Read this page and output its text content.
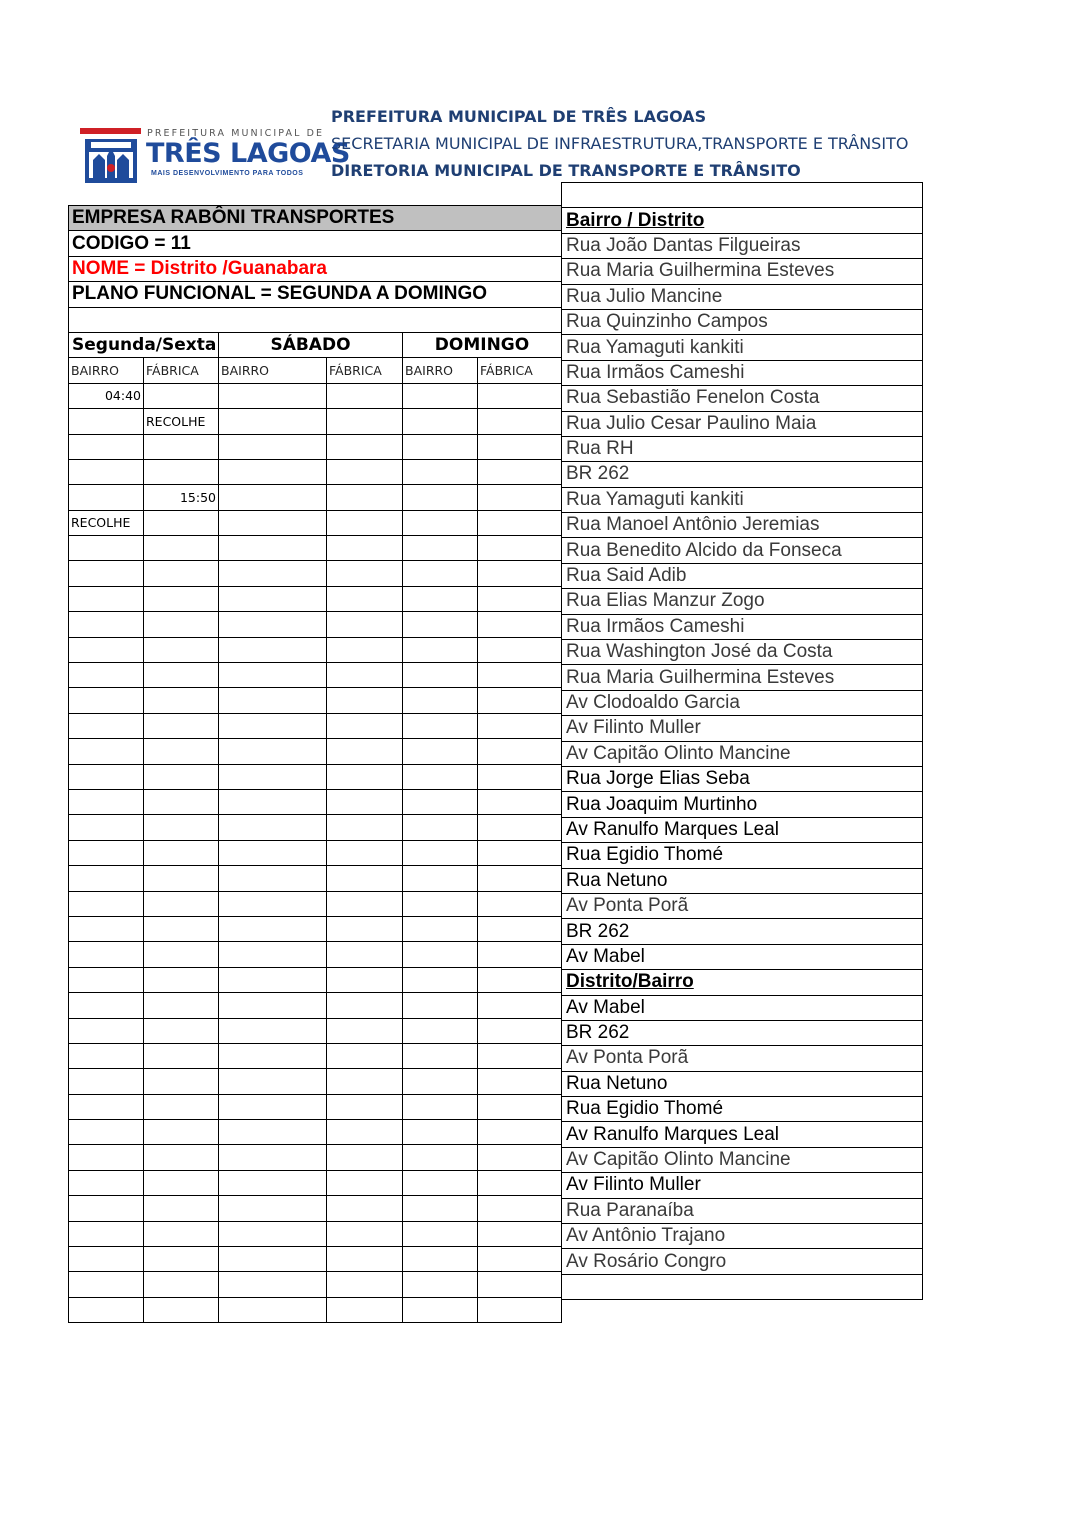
PREFEITURA MUNICIPAL DE
TRÊS LAGOAS
MAIS DESENVOLVIMENTO PARA TODOS
PREFEITURA MUNICIPAL DE TRÊS LAGOAS
SECRETARIA MUNICIPAL DE INFRAESTRUTURA,TRANSPORTE E TRÂNSITO
DIRETORIA MUNICIPAL DE TRANSPORTE E TRÂNSITO
EMPRESA RABÔNI TRANSPORTES					
CODIGO = 11					
NOME = Distrito /Guanabara					
PLANO FUNCIONAL = SEGUNDA A DOMINGO					

Segunda/Sexta		SÁBADO		DOMINGO	
BAIRRO	FÁBRICA	BAIRRO	FÁBRICA	BAIRRO	FÁBRICA
04:40					
	RECOLHE				

	15:50				
RECOLHE					

Bairro / Distrito
Rua João Dantas Filgueiras
Rua Maria Guilhermina Esteves
Rua Julio Mancine
Rua Quinzinho Campos
Rua Yamaguti kankiti
Rua Irmãos Cameshi
Rua Sebastião Fenelon Costa
Rua Julio Cesar Paulino Maia
Rua RH
BR 262
Rua Yamaguti kankiti
Rua Manoel Antônio Jeremias
Rua Benedito Alcido da Fonseca
Rua Said Adib
Rua Elias Manzur Zogo
Rua Irmãos Cameshi
Rua Washington José da Costa
Rua Maria Guilhermina Esteves
Av Clodoaldo Garcia
Av Filinto Muller
Av Capitão Olinto Mancine
Rua Jorge Elias Seba
Rua Joaquim Murtinho
Av Ranulfo Marques Leal
Rua Egidio Thomé
Rua Netuno
Av Ponta Porã
BR 262
Av Mabel
Distrito/Bairro
Av Mabel
BR 262
Av Ponta Porã
Rua Netuno
Rua Egidio Thomé
Av Ranulfo Marques Leal
Av Capitão Olinto Mancine
Av Filinto Muller
Rua Paranaíba
Av Antônio Trajano
Av Rosário Congro
